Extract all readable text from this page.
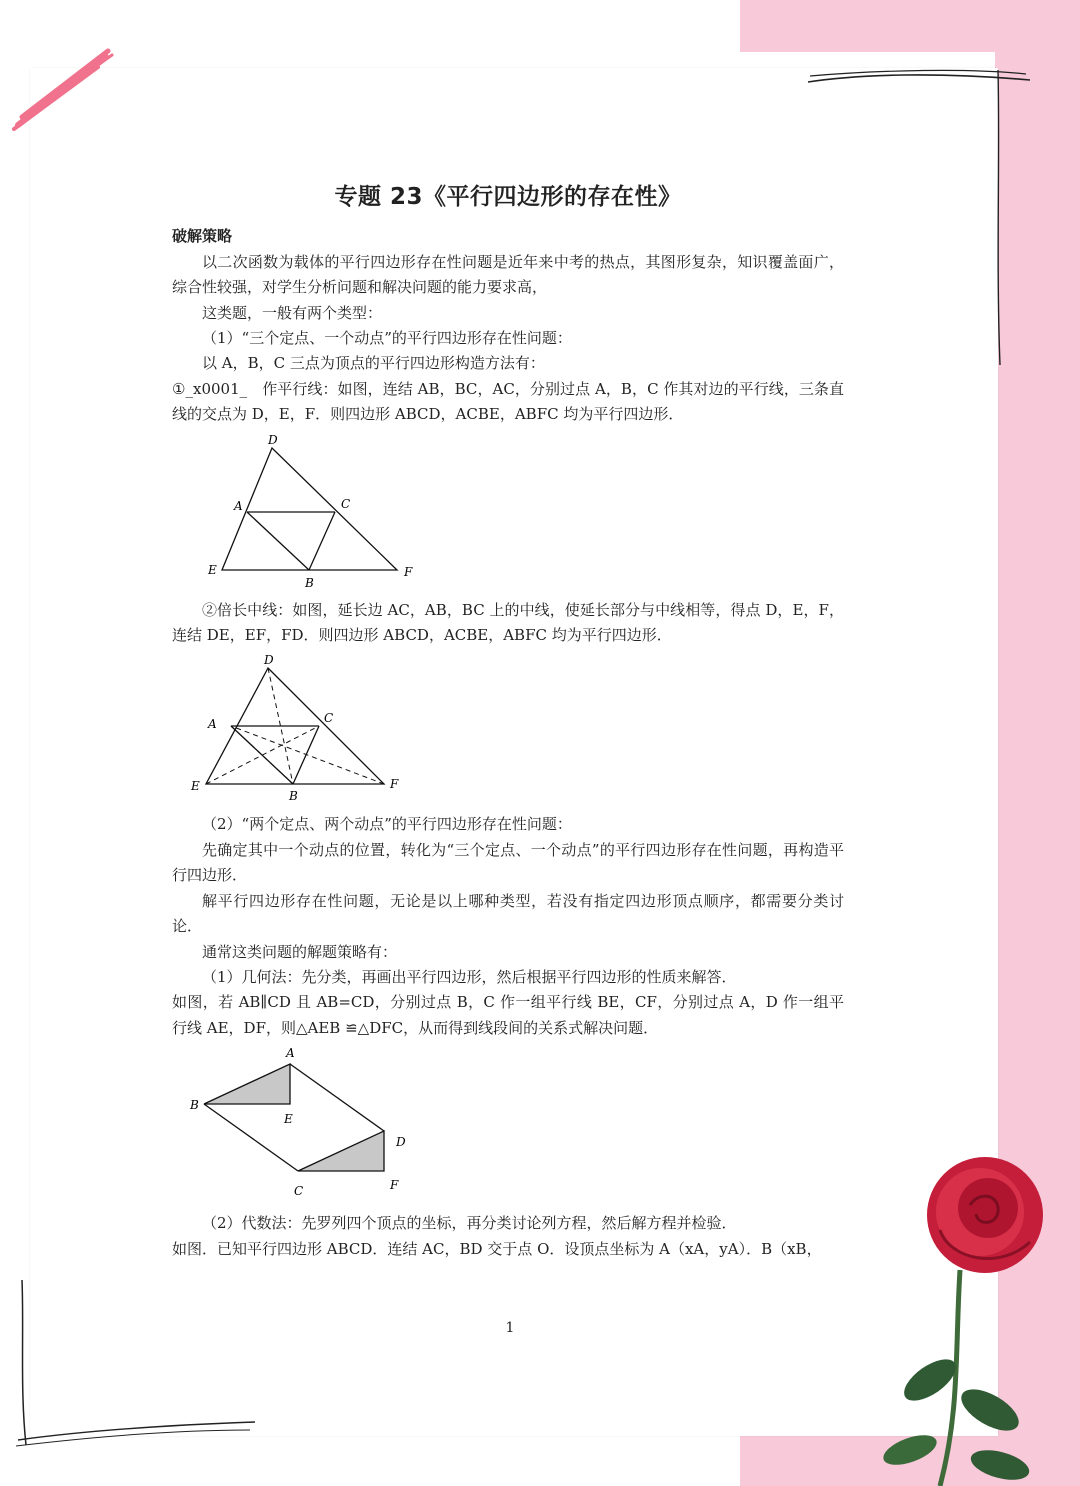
专题 23《平行四边形的存在性》
破解策略

以二次函数为载体的平行四边形存在性问题是近年来中考的热点，其图形复杂，知识覆盖面广，综合性较强，对学生分析问题和解决问题的能力要求高，

这类题，一般有两个类型：

（1）“三个定点、一个动点”的平行四边形存在性问题：

以 A，B，C 三点为顶点的平行四边形构造方法有：

①_x0001_　作平行线：如图，连结 AB，BC，AC，分别过点 A，B，C 作其对边的平行线，三条直线的交点为 D，E，F．则四边形 ABCD，ACBE，ABFC 均为平行四边形．

D
A	C
E
B
F

②倍长中线：如图，延长边 AC，AB，BC 上的中线，使延长部分与中线相等，得点 D，E，F，连结 DE，EF，FD．则四边形 ABCD，ACBE，ABFC 均为平行四边形．

D
A	C
E
B
F

（2）“两个定点、两个动点”的平行四边形存在性问题：

先确定其中一个动点的位置，转化为“三个定点、一个动点”的平行四边形存在性问题，再构造平行四边形．

解平行四边形存在性问题，无论是以上哪种类型，若没有指定四边形顶点顺序，都需要分类讨论．

通常这类问题的解题策略有：

（1）几何法：先分类，再画出平行四边形，然后根据平行四边形的性质来解答．

如图，若 AB∥CD 且 AB=CD，分别过点 B，C 作一组平行线 BE，CF，分别过点 A，D 作一组平行线 AE，DF，则△AEB ≌△DFC，从而得到线段间的关系式解决问题．

A
B
E
D
C	F

（2）代数法：先罗列四个顶点的坐标，再分类讨论列方程，然后解方程并检验．

如图．已知平行四边形 ABCD．连结 AC，BD 交于点 O．设顶点坐标为 A（xA，yA）．B（xB，

1
